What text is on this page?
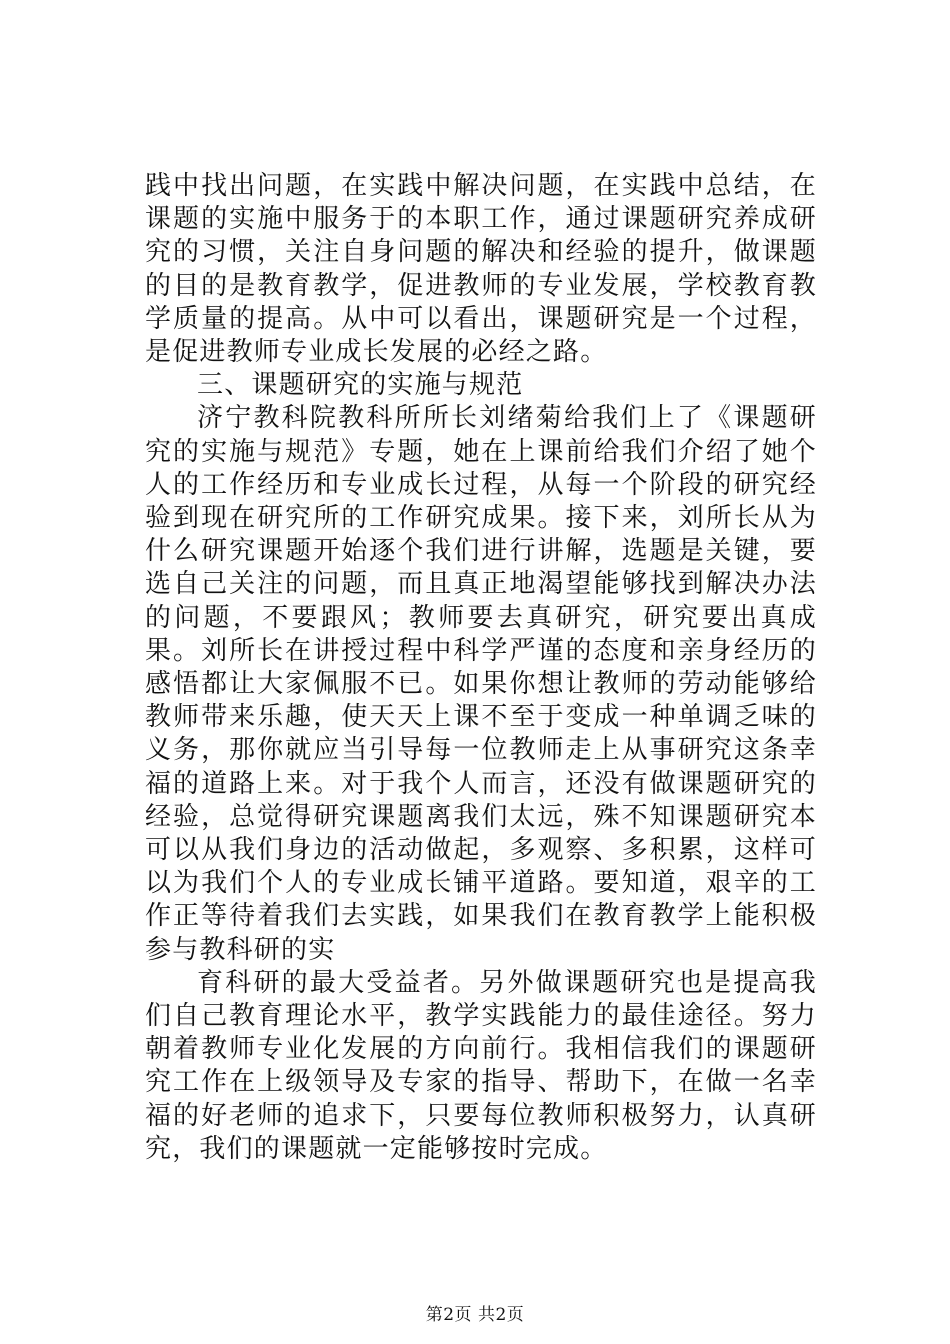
践中找出问题，在实践中解决问题，在实践中总结，在课题的实施中服务于的本职工作，通过课题研究养成研究的习惯，关注自身问题的解决和经验的提升，做课题的目的是教育教学，促进教师的专业发展，学校教育教学质量的提高。从中可以看出，课题研究是一个过程，是促进教师专业成长发展的必经之路。

三、课题研究的实施与规范

济宁教科院教科所所长刘绪菊给我们上了《课题研究的实施与规范》专题，她在上课前给我们介绍了她个人的工作经历和专业成长过程，从每一个阶段的研究经验到现在研究所的工作研究成果。接下来，刘所长从为什么研究课题开始逐个我们进行讲解，选题是关键，要选自己关注的问题，而且真正地渴望能够找到解决办法的问题，不要跟风；教师要去真研究，研究要出真成果。刘所长在讲授过程中科学严谨的态度和亲身经历的感悟都让大家佩服不已。如果你想让教师的劳动能够给教师带来乐趣，使天天上课不至于变成一种单调乏味的义务，那你就应当引导每一位教师走上从事研究这条幸福的道路上来。对于我个人而言，还没有做课题研究的经验，总觉得研究课题离我们太远，殊不知课题研究本可以从我们身边的活动做起，多观察、多积累，这样可以为我们个人的专业成长铺平道路。要知道，艰辛的工作正等待着我们去实践，如果我们在教育教学上能积极参与教科研的实

育科研的最大受益者。另外做课题研究也是提高我们自己教育理论水平，教学实践能力的最佳途径。努力朝着教师专业化发展的方向前行。我相信我们的课题研究工作在上级领导及专家的指导、帮助下，在做一名幸福的好老师的追求下，只要每位教师积极努力，认真研究，我们的课题就一定能够按时完成。

第2页 共2页
